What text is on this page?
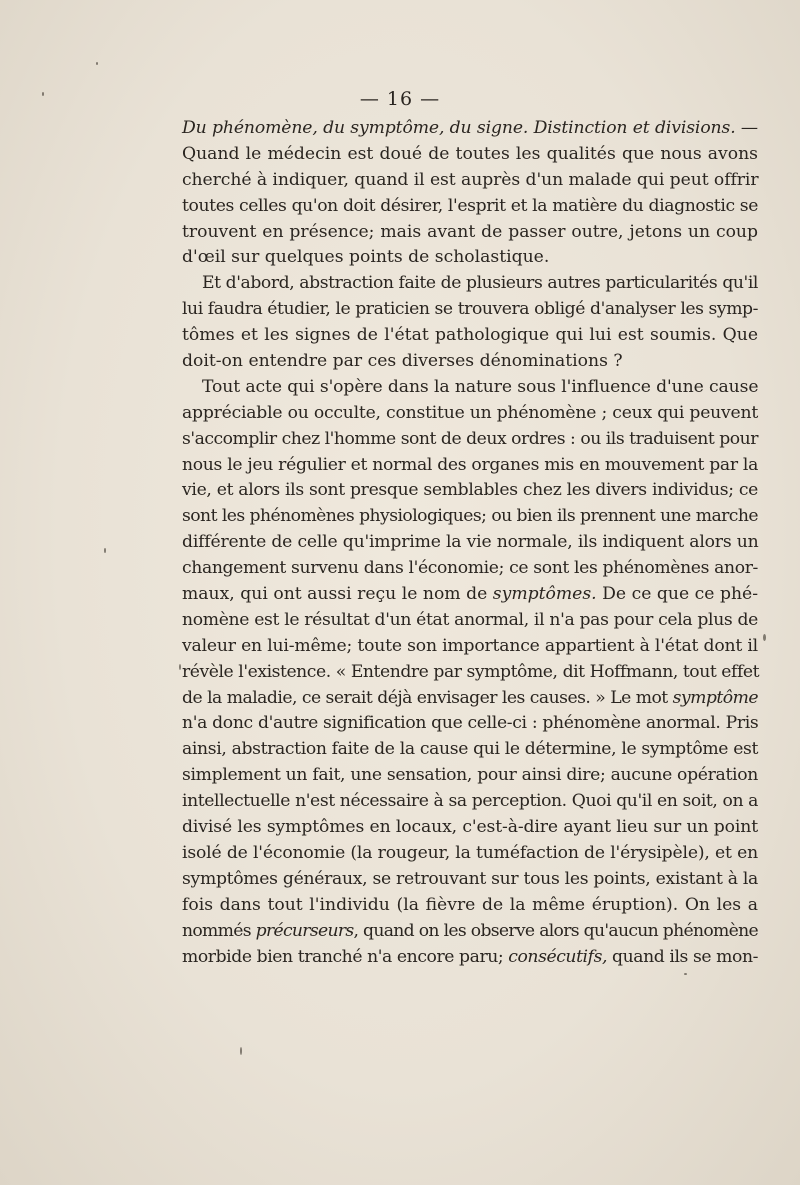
— 16 —
Du phénomène, du symptôme, du signe. Distinction et divisions. —
Quand le médecin est doué de toutes les qualités que nous avons
cherché à indiquer, quand il est auprès d'un malade qui peut offrir
toutes celles qu'on doit désirer, l'esprit et la matière du diagnostic se
trouvent en présence; mais avant de passer outre, jetons un coup
d'œil sur quelques points de scholastique.
Et d'abord, abstraction faite de plusieurs autres particularités qu'il
lui faudra étudier, le praticien se trouvera obligé d'analyser les symp-
tômes et les signes de l'état pathologique qui lui est soumis. Que
doit-on entendre par ces diverses dénominations ?
Tout acte qui s'opère dans la nature sous l'influence d'une cause
appréciable ou occulte, constitue un phénomène ; ceux qui peuvent
s'accomplir chez l'homme sont de deux ordres : ou ils traduisent pour
nous le jeu régulier et normal des organes mis en mouvement par la
vie, et alors ils sont presque semblables chez les divers individus; ce
sont les phénomènes physiologiques; ou bien ils prennent une marche
différente de celle qu'imprime la vie normale, ils indiquent alors un
changement survenu dans l'économie; ce sont les phénomènes anor-
maux, qui ont aussi reçu le nom de symptômes. De ce que ce phé-
nomène est le résultat d'un état anormal, il n'a pas pour cela plus de
valeur en lui-même; toute son importance appartient à l'état dont il
révèle l'existence. « Entendre par symptôme, dit Hoffmann, tout effet
de la maladie, ce serait déjà envisager les causes. » Le mot symptôme
n'a donc d'autre signification que celle-ci : phénomène anormal. Pris
ainsi, abstraction faite de la cause qui le détermine, le symptôme est
simplement un fait, une sensation, pour ainsi dire; aucune opération
intellectuelle n'est nécessaire à sa perception. Quoi qu'il en soit, on a
divisé les symptômes en locaux, c'est-à-dire ayant lieu sur un point
isolé de l'économie (la rougeur, la tuméfaction de l'érysipèle), et en
symptômes généraux, se retrouvant sur tous les points, existant à la
fois dans tout l'individu (la fièvre de la même éruption). On les a
nommés précurseurs, quand on les observe alors qu'aucun phénomène
morbide bien tranché n'a encore paru; consécutifs, quand ils se mon-
